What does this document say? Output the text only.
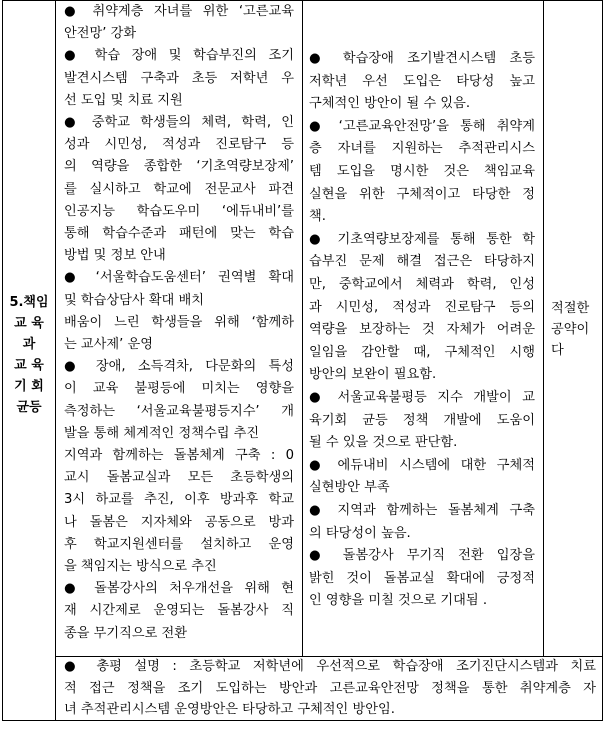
5.책임
교 육
과
교 육
기 회
균등
● 취약계층 자녀를 위한 ‘고른교육
안전망’ 강화
● 학습 장애 및 학습부진의 조기
발견시스템 구축과 초등 저학년 우
선 도입 및 치료 지원
● 중학교 학생들의 체력, 학력, 인
성과 시민성, 적성과 진로탐구 등
의 역량을 종합한 ‘기초역량보장제’
를 실시하고 학교에 전문교사 파견
인공지능 학습도우미 ‘에듀내비’를
통해 학습수준과 패턴에 맞는 학습
방법 및 정보 안내
● ‘서울학습도움센터’ 권역별 확대
및 학습상담사 확대 배치
배움이 느린 학생들을 위해 ‘함께하
는 교사제’ 운영
● 장애, 소득격차, 다문화의 특성
이 교육 불평등에 미치는 영향을
측정하는 ‘서울교육불평등지수’ 개
발을 통해 체계적인 정책수립 추진
지역과 함께하는 돌봄체계 구축 : 0
교시 돌봄교실과 모든 초등학생의
3시 하교를 추진, 이후 방과후 학교
나 돌봄은 지자체와 공동으로 방과
후 학교지원센터를 설치하고 운영
을 책임지는 방식으로 추진
● 돌봄강사의 처우개선을 위해 현
재 시간제로 운영되는 돌봄강사 직
종을 무기직으로 전환
● 학습장애 조기발견시스템 초등
저학년 우선 도입은 타당성 높고
구체적인 방안이 될 수 있음.
● ‘고른교육안전망’을 통해 취약계
층 자녀를 지원하는 추적관리시스
템 도입을 명시한 것은 책임교육
실현을 위한 구체적이고 타당한 정
책.
● 기초역량보장제를 통해 통한 학
습부진 문제 해결 접근은 타당하지
만, 중학교에서 체력과 학력, 인성
과 시민성, 적성과 진로탐구 등의
역량을 보장하는 것 자체가 어려운
일임을 감안할 때, 구체적인 시행
방안의 보완이 필요함.
● 서울교육불평등 지수 개발이 교
육기회 균등 정책 개발에 도움이
될 수 있을 것으로 판단함.
● 에듀내비 시스템에 대한 구체적
실현방안 부족
● 지역과 함께하는 돌봄체계 구축
의 타당성이 높음.
● 돌봄강사 무기직 전환 입장을
밝힌 것이 돌봄교실 확대에 긍정적
인 영향을 미칠 것으로 기대됨 .
적절한
공약이
다
● 총평 설명 : 초등학교 저학년에 우선적으로 학습장애 조기진단시스템과 치료
적 접근 정책을 조기 도입하는 방안과 고른교육안전망 정책을 통한 취약계층 자
녀 추적관리시스템 운영방안은 타당하고 구체적인 방안임.
